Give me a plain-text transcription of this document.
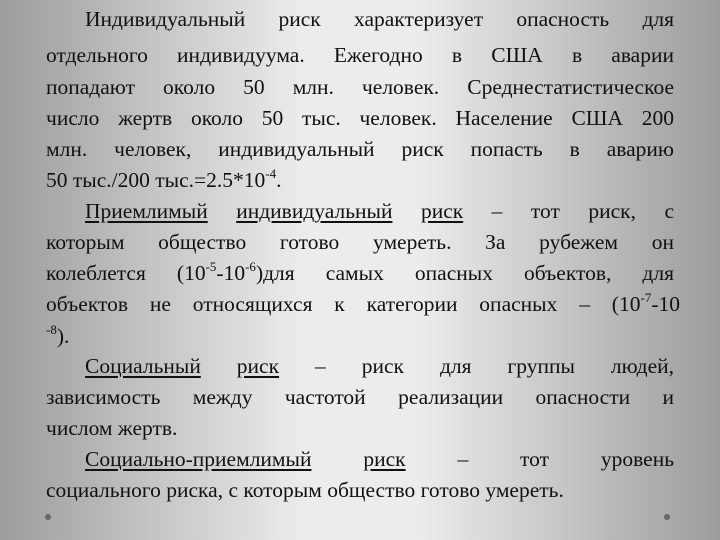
Индивидуальный риск характеризует опасность для
отдельного индивидуума. Ежегодно в США в аварии
попадают около 50 млн. человек. Среднестатистическое
число жертв около 50 тыс. человек. Население США 200
млн. человек, индивидуальный риск попасть в аварию
50 тыс./200 $тыс.=2.5*10^{-4}$.
Приемлимый индивидуальный риск – тот риск, с
которым общество готово умереть. За рубежем он
колеблется $(10^{-5}-10^{-6})для$ самых опасных объектов, для
объектов не относящихся к категории опасных – ($10^{-7}-10$
$^{-8}$).
Социальный риск – риск для группы людей,
зависимость между частотой реализации опасности и
числом жертв.
Социально-приемлимый риск – тот уровень
социального риска, с которым общество готово умереть.
